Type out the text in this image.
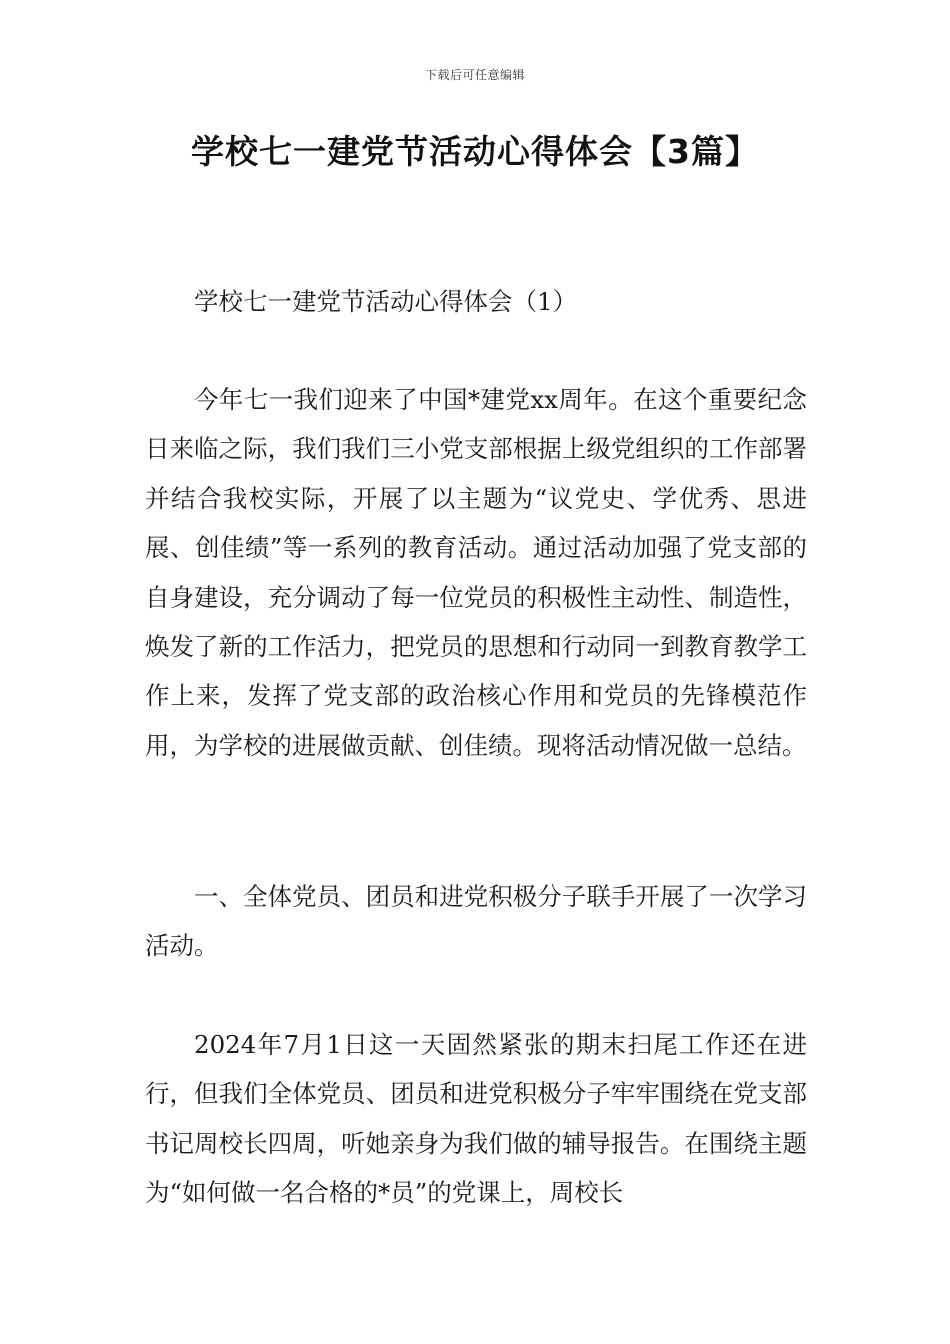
下载后可任意编辑
学校七一建党节活动心得体会【3篇】

学校七一建党节活动心得体会（1）

今年七一我们迎来了中国*建党xx周年。在这个重要纪念日来临之际，我们我们三小党支部根据上级党组织的工作部署并结合我校实际，开展了以主题为“议党史、学优秀、思进展、创佳绩”等一系列的教育活动。通过活动加强了党支部的自身建设，充分调动了每一位党员的积极性主动性、制造性，焕发了新的工作活力，把党员的思想和行动同一到教育教学工作上来，发挥了党支部的政治核心作用和党员的先锋模范作用，为学校的进展做贡献、创佳绩。现将活动情况做一总结。

一、全体党员、团员和进党积极分子联手开展了一次学习活动。

2024年7月1日这一天固然紧张的期末扫尾工作还在进行，但我们全体党员、团员和进党积极分子牢牢围绕在党支部书记周校长四周，听她亲身为我们做的辅导报告。在围绕主题为“如何做一名合格的*员”的党课上，周校长
